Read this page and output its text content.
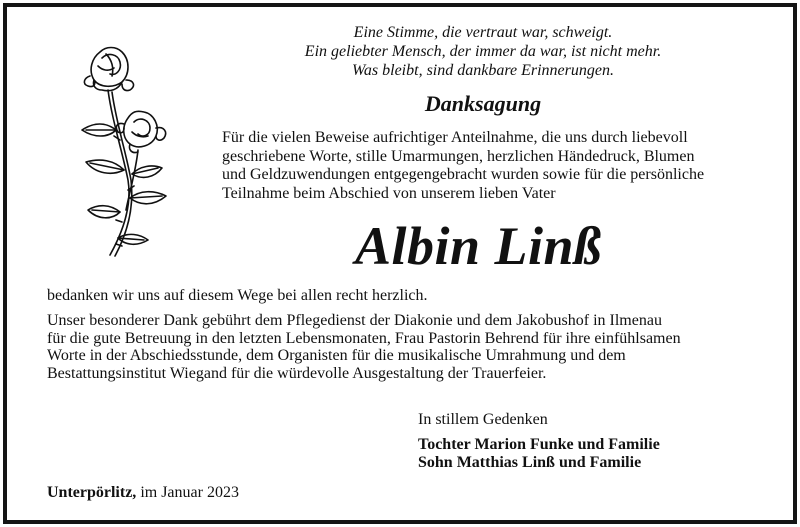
Eine Stimme, die vertraut war, schweigt.
Ein geliebter Mensch, der immer da war, ist nicht mehr.
Was bleibt, sind dankbare Erinnerungen.
Danksagung
Für die vielen Beweise aufrichtiger Anteilnahme, die uns durch liebevoll
geschriebene Worte, stille Umarmungen, herzlichen Händedruck, Blumen
und Geldzuwendungen entgegengebracht wurden sowie für die persönliche
Teilnahme beim Abschied von unserem lieben Vater
Albin Linß
bedanken wir uns auf diesem Wege bei allen recht herzlich.
Unser besonderer Dank gebührt dem Pflegedienst der Diakonie und dem Jakobushof in Ilmenau
für die gute Betreuung in den letzten Lebensmonaten, Frau Pastorin Behrend für ihre einfühlsamen
Worte in der Abschiedsstunde, dem Organisten für die musikalische Umrahmung und dem
Bestattungsinstitut Wiegand für die würdevolle Ausgestaltung der Trauerfeier.
In stillem Gedenken
Tochter Marion Funke und Familie
Sohn Matthias Linß und Familie
Unterpörlitz, im Januar 2023
